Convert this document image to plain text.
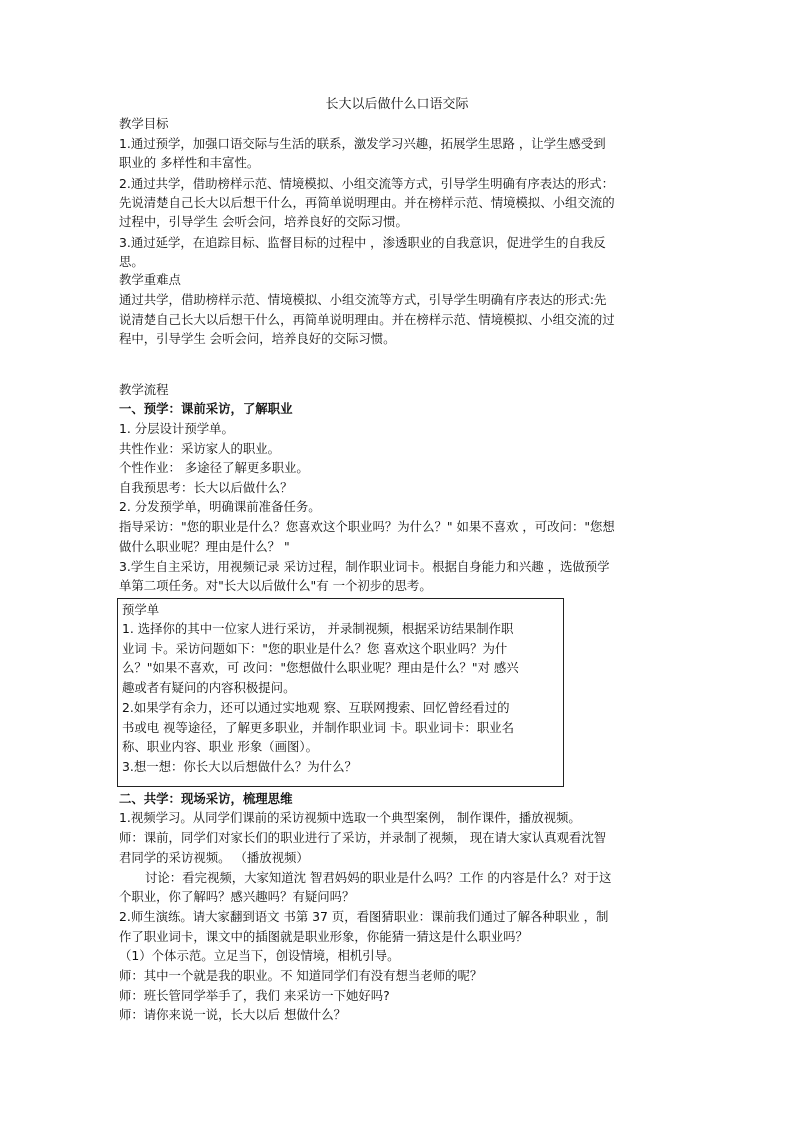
长大以后做什么口语交际
教学目标
1.通过预学，加强口语交际与生活的联系，激发学习兴趣，拓展学生思路 ，让学生感受到
职业的 多样性和丰富性。
2.通过共学，借助榜样示范、情境模拟、小组交流等方式，引导学生明确有序表达的形式：
先说清楚自己长大以后想干什么，再简单说明理由。并在榜样示范、情境模拟、小组交流的
过程中，引导学生 会听会问，培养良好的交际习惯。
3.通过延学，在追踪目标、监督目标的过程中 ，渗透职业的自我意识，促进学生的自我反
思。
教学重难点
通过共学，借助榜样示范、情境模拟、小组交流等方式，引导学生明确有序表达的形式:先
说清楚自己长大以后想干什么，再简单说明理由。并在榜样示范、情境模拟、小组交流的过
程中，引导学生 会听会问，培养良好的交际习惯。
教学流程
一、预学：课前采访，了解职业
1. 分层设计预学单。
共性作业：采访家人的职业。
个性作业： 多途径了解更多职业。
自我预思考：长大以后做什么？
2. 分发预学单，明确课前准备任务。
指导采访："您的职业是什么？您喜欢这个职业吗？为什么？" 如果不喜欢 ，可改问："您想
做什么职业呢？理由是什么？ "
3.学生自主采访，用视频记录 采访过程，制作职业词卡。根据自身能力和兴趣 ，选做预学
单第二项任务。对"长大以后做什么"有 一个初步的思考。
预学单
1. 选择你的其中一位家人进行采访， 并录制视频，根据采访结果制作职
业词 卡。采访问题如下："您的职业是什么？您 喜欢这个职业吗？为什
么？"如果不喜欢，可 改问："您想做什么职业呢？理由是什么？"对 感兴
趣或者有疑问的内容积极提问。
2.如果学有余力，还可以通过实地观 察、互联网搜索、回忆曾经看过的
书或电 视等途径，了解更多职业，并制作职业词 卡。职业词卡：职业名
称、职业内容、职业 形象（画图）。
3.想一想：你长大以后想做什么？为什么？
二、共学：现场采访，梳理思维
1.视频学习。从同学们课前的采访视频中选取一个典型案例， 制作课件，播放视频。
师：课前，同学们对家长们的职业进行了采访，并录制了视频， 现在请大家认真观看沈智
君同学的采访视频。 （播放视频）
讨论：看完视频，大家知道沈 智君妈妈的职业是什么吗？工作 的内容是什么？对于这
个职业，你了解吗？感兴趣吗？有疑问吗？
2.师生演练。请大家翻到语文 书第 37 页，看图猜职业：课前我们通过了解各种职业 ，制
作了职业词卡，课文中的插图就是职业形象，你能猜一猜这是什么职业吗？
（1）个体示范。立足当下，创设情境，相机引导。
师：其中一个就是我的职业。不 知道同学们有没有想当老师的呢？
师：班长管同学举手了，我们 来采访一下她好吗?
师：请你来说一说，长大以后 想做什么？
